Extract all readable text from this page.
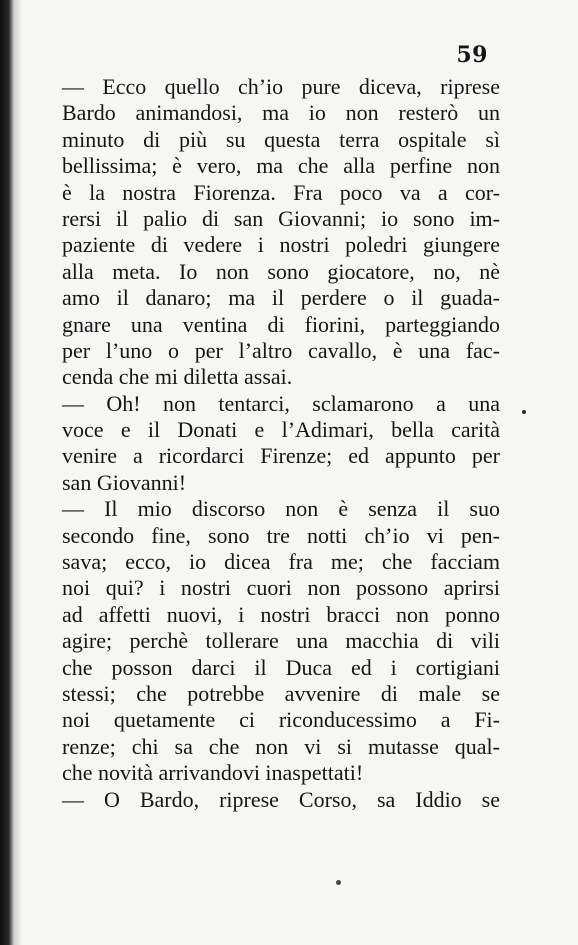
59
— Ecco quello ch’io pure diceva, riprese
Bardo animandosi, ma io non resterò un
minuto di più su questa terra ospitale sì
bellissima; è vero, ma che alla perfine non
è la nostra Fiorenza. Fra poco va a cor-
rersi il palio di san Giovanni; io sono im-
paziente di vedere i nostri poledri giungere
alla meta. Io non sono giocatore, no, nè
amo il danaro; ma il perdere o il guada-
gnare una ventina di fiorini, parteggiando
per l’uno o per l’altro cavallo, è una fac-
cenda che mi diletta assai.
— Oh! non tentarci, sclamarono a una
voce e il Donati e l’Adimari, bella carità
venire a ricordarci Firenze; ed appunto per
san Giovanni!
— Il mio discorso non è senza il suo
secondo fine, sono tre notti ch’io vi pen-
sava; ecco, io dicea fra me; che facciam
noi qui? i nostri cuori non possono aprirsi
ad affetti nuovi, i nostri bracci non ponno
agire; perchè tollerare una macchia di vili
che posson darci il Duca ed i cortigiani
stessi; che potrebbe avvenire di male se
noi quetamente ci riconducessimo a Fi-
renze; chi sa che non vi si mutasse qual-
che novità arrivandovi inaspettati!
— O Bardo, riprese Corso, sa Iddio se
